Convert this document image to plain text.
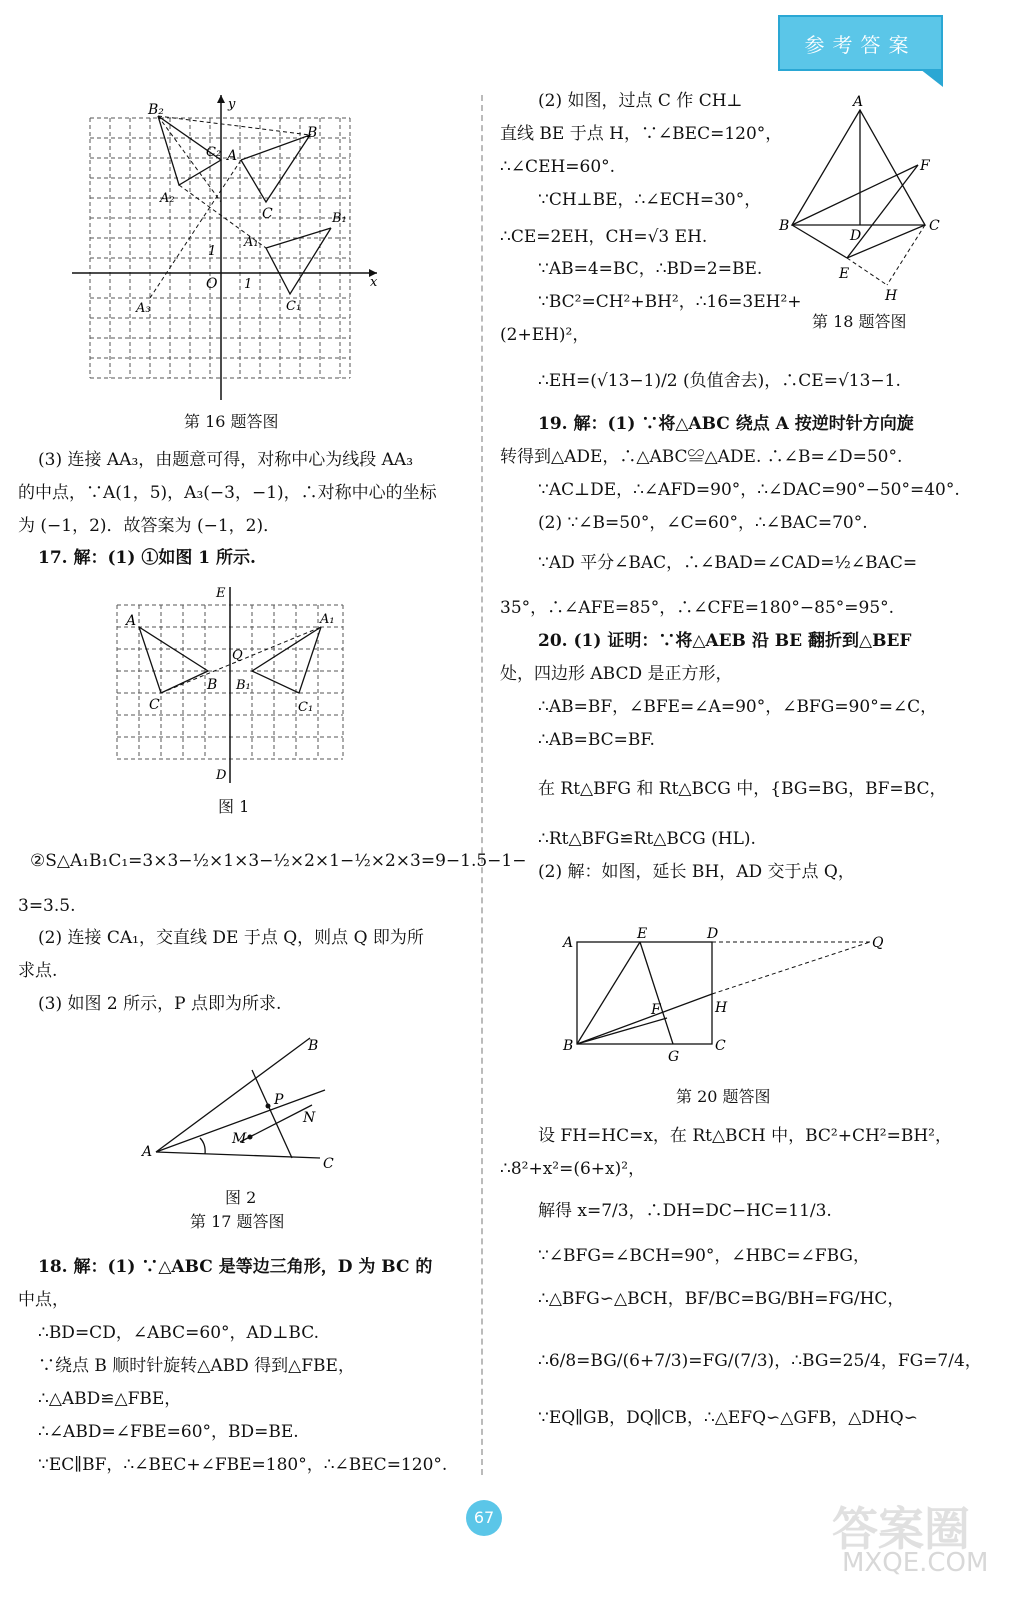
参考答案
y
x
O 1
1
B₂
C₂ A
B
A₂
C	B₁
A₁
C₁
A₃
第 16 题答图
(3) 连接 AA₃，由题意可得，对称中心为线段 AA₃
的中点，∵A(1，5)，A₃(−3，−1)，∴对称中心的坐标
为 (−1，2)．故答案为 (−1，2)．
17. 解：(1) ①如图 1 所示.
E
D
A	A₁
Q
B B₁
C	C₁
图 1
②S△A₁B₁C₁=3×3−½×1×3−½×2×1−½×2×3=9−1.5−1−
3=3.5.
(2) 连接 CA₁，交直线 DE 于点 Q，则点 Q 即为所
求点.
(3) 如图 2 所示，P 点即为所求.
A
B
C
P
N
M
图 2
第 17 题答图
18. 解：(1) ∵△ABC 是等边三角形，D 为 BC 的
中点，
∴BD=CD，∠ABC=60°，AD⊥BC.
∵绕点 B 顺时针旋转△ABD 得到△FBE，
∴△ABD≌△FBE，
∴∠ABD=∠FBE=60°，BD=BE.
∵EC∥BF，∴∠BEC+∠FBE=180°，∴∠BEC=120°.
(2) 如图，过点 C 作 CH⊥
直线 BE 于点 H，∵∠BEC=120°，
∴∠CEH=60°.
∵CH⊥BE，∴∠ECH=30°，
∴CE=2EH，CH=√3 EH.
∵AB=4=BC，∴BD=2=BE.
∵BC²=CH²+BH²，∴16=3EH²+
(2+EH)²，
∴EH=(√13−1)/2 (负值舍去)，∴CE=√13−1.
A
F
B	C
D
E
H
第 18 题答图
19. 解：(1) ∵将△ABC 绕点 A 按逆时针方向旋
转得到△ADE，∴△ABC≌△ADE. ∴∠B=∠D=50°.
∵AC⊥DE，∴∠AFD=90°，∴∠DAC=90°−50°=40°.
(2) ∵∠B=50°，∠C=60°，∴∠BAC=70°.
∵AD 平分∠BAC，∴∠BAD=∠CAD=½∠BAC=
35°，∴∠AFE=85°，∴∠CFE=180°−85°=95°.
20. (1) 证明：∵将△AEB 沿 BE 翻折到△BEF
处，四边形 ABCD 是正方形，
∴AB=BF，∠BFE=∠A=90°，∠BFG=90°=∠C，
∴AB=BC=BF.
在 Rt△BFG 和 Rt△BCG 中，{BG=BG，BF=BC，
∴Rt△BFG≌Rt△BCG (HL).
(2) 解：如图，延长 BH，AD 交于点 Q，
A
E	D
Q
F	H
B
G
C
第 20 题答图
设 FH=HC=x，在 Rt△BCH 中，BC²+CH²=BH²，
∴8²+x²=(6+x)²，
解得 x=7/3，∴DH=DC−HC=11/3.
∵∠BFG=∠BCH=90°，∠HBC=∠FBG，
∴△BFG∽△BCH，BF/BC=BG/BH=FG/HC，
∴6/8=BG/(6+7/3)=FG/(7/3)，∴BG=25/4，FG=7/4，
∵EQ∥GB，DQ∥CB，∴△EFQ∽△GFB，△DHQ∽
67	答案圈
MXQE.COM
